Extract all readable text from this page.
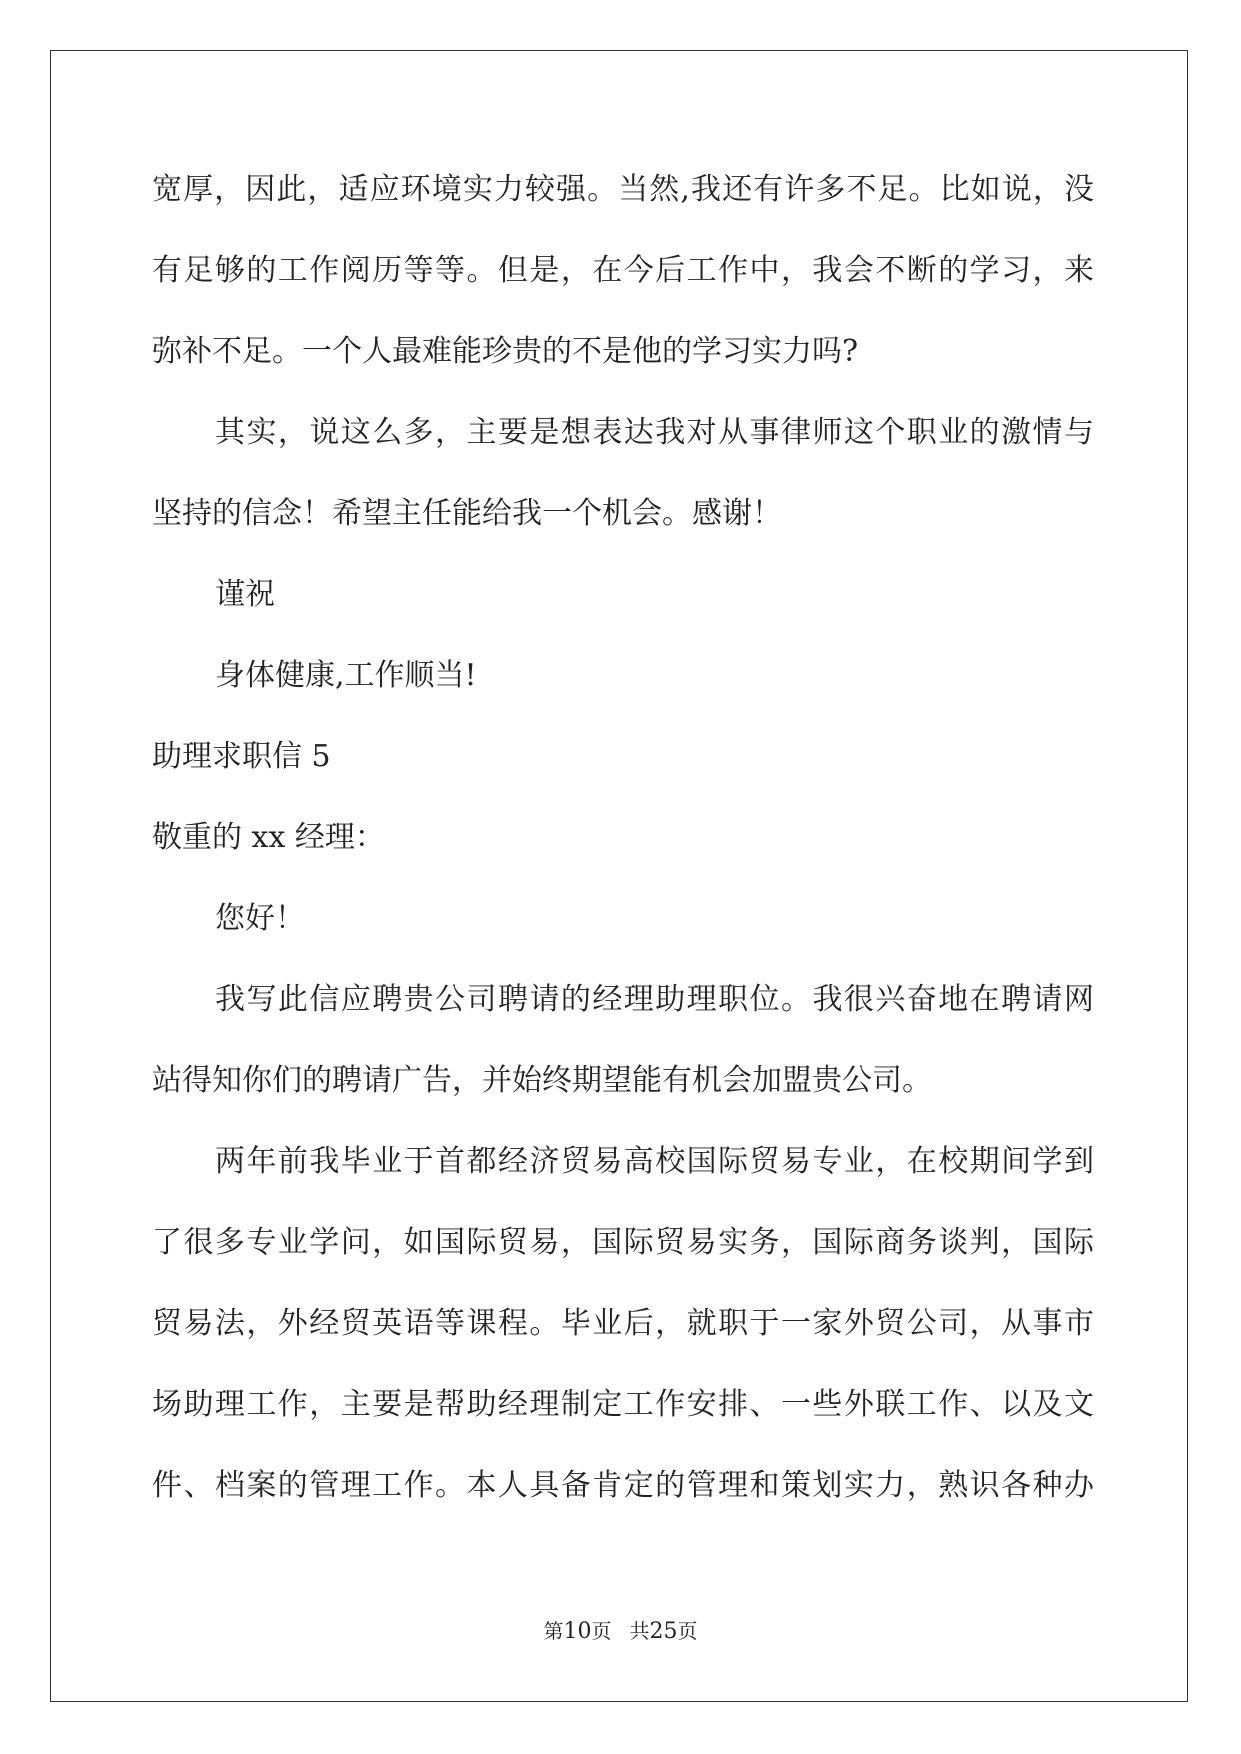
宽厚，因此，适应环境实力较强。当然,我还有许多不足。比如说，没
有足够的工作阅历等等。但是，在今后工作中，我会不断的学习，来
弥补不足。一个人最难能珍贵的不是他的学习实力吗?
其实，说这么多，主要是想表达我对从事律师这个职业的激情与
坚持的信念！希望主任能给我一个机会。感谢！
谨祝
身体健康,工作顺当!
助理求职信 5
敬重的 xx 经理：
您好！
我写此信应聘贵公司聘请的经理助理职位。我很兴奋地在聘请网
站得知你们的聘请广告，并始终期望能有机会加盟贵公司。
两年前我毕业于首都经济贸易高校国际贸易专业，在校期间学到
了很多专业学问，如国际贸易，国际贸易实务，国际商务谈判，国际
贸易法，外经贸英语等课程。毕业后，就职于一家外贸公司，从事市
场助理工作，主要是帮助经理制定工作安排、一些外联工作、以及文
件、档案的管理工作。本人具备肯定的管理和策划实力，熟识各种办
第10页 共25页
